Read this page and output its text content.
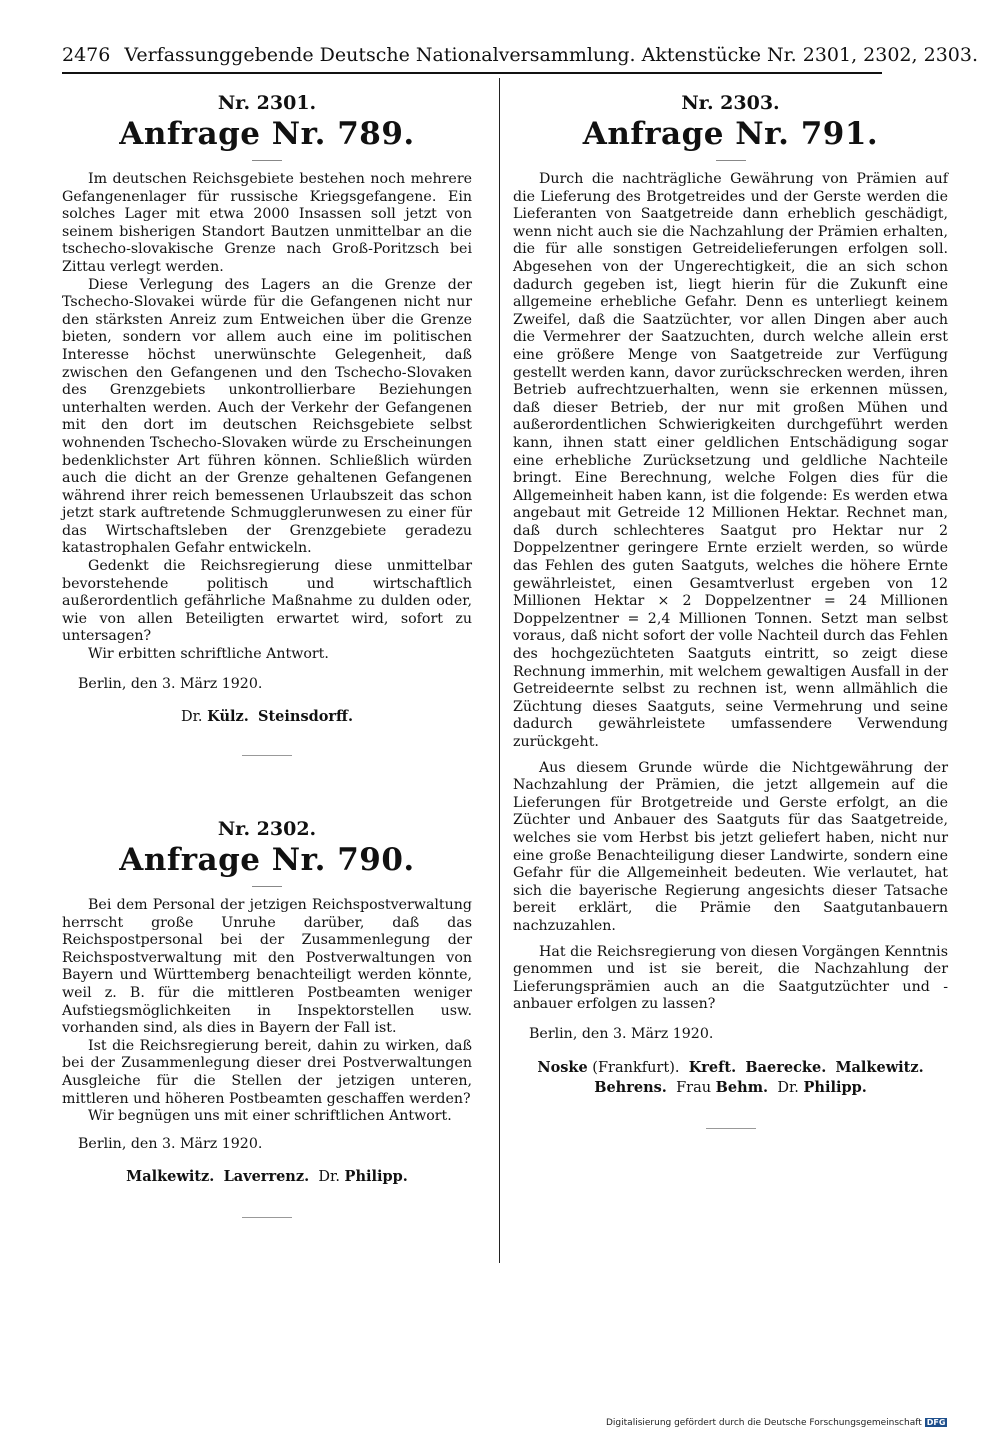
2476 Verfassunggebende Deutsche Nationalversammlung. Aktenstücke Nr. 2301, 2302, 2303.

Nr. 2301.

Anfrage Nr. 789.

Im deutschen Reichsgebiete bestehen noch mehrere Gefangenenlager für russische Kriegsgefangene. Ein solches Lager mit etwa 2000 Insassen soll jetzt von seinem bisherigen Standort Bautzen unmittelbar an die tschecho-slovakische Grenze nach Groß-Poritzsch bei Zittau verlegt werden.

Diese Verlegung des Lagers an die Grenze der Tschecho-Slovakei würde für die Gefangenen nicht nur den stärksten Anreiz zum Entweichen über die Grenze bieten, sondern vor allem auch eine im politischen Interesse höchst unerwünschte Gelegenheit, daß zwischen den Gefangenen und den Tschecho-Slovaken des Grenzgebiets unkontrollierbare Beziehungen unterhalten werden. Auch der Verkehr der Gefangenen mit den dort im deutschen Reichsgebiete selbst wohnenden Tschecho-Slovaken würde zu Erscheinungen bedenklichster Art führen können. Schließlich würden auch die dicht an der Grenze gehaltenen Gefangenen während ihrer reich bemessenen Urlaubszeit das schon jetzt stark auftretende Schmugglerunwesen zu einer für das Wirtschaftsleben der Grenzgebiete geradezu katastrophalen Gefahr entwickeln.

Gedenkt die Reichsregierung diese unmittelbar bevorstehende politisch und wirtschaftlich außerordentlich gefährliche Maßnahme zu dulden oder, wie von allen Beteiligten erwartet wird, sofort zu untersagen?

Wir erbitten schriftliche Antwort.

Berlin, den 3. März 1920.

Dr. Külz. Steinsdorff.

Nr. 2302.

Anfrage Nr. 790.

Bei dem Personal der jetzigen Reichspostverwaltung herrscht große Unruhe darüber, daß das Reichspostpersonal bei der Zusammenlegung der Reichspostverwaltung mit den Postverwaltungen von Bayern und Württemberg benachteiligt werden könnte, weil z. B. für die mittleren Postbeamten weniger Aufstiegsmöglichkeiten in Inspektorstellen usw. vorhanden sind, als dies in Bayern der Fall ist.

Ist die Reichsregierung bereit, dahin zu wirken, daß bei der Zusammenlegung dieser drei Postverwaltungen Ausgleiche für die Stellen der jetzigen unteren, mittleren und höheren Postbeamten geschaffen werden?

Wir begnügen uns mit einer schriftlichen Antwort.

Berlin, den 3. März 1920.

Malkewitz. Laverrenz. Dr. Philipp.

Nr. 2303.

Anfrage Nr. 791.

Durch die nachträgliche Gewährung von Prämien auf die Lieferung des Brotgetreides und der Gerste werden die Lieferanten von Saatgetreide dann erheblich geschädigt, wenn nicht auch sie die Nachzahlung der Prämien erhalten, die für alle sonstigen Getreidelieferungen erfolgen soll. Abgesehen von der Ungerechtigkeit, die an sich schon dadurch gegeben ist, liegt hierin für die Zukunft eine allgemeine erhebliche Gefahr. Denn es unterliegt keinem Zweifel, daß die Saatzüchter, vor allen Dingen aber auch die Vermehrer der Saatzuchten, durch welche allein erst eine größere Menge von Saatgetreide zur Verfügung gestellt werden kann, davor zurückschrecken werden, ihren Betrieb aufrechtzuerhalten, wenn sie erkennen müssen, daß dieser Betrieb, der nur mit großen Mühen und außerordentlichen Schwierigkeiten durchgeführt werden kann, ihnen statt einer geldlichen Entschädigung sogar eine erhebliche Zurücksetzung und geldliche Nachteile bringt. Eine Berechnung, welche Folgen dies für die Allgemeinheit haben kann, ist die folgende: Es werden etwa angebaut mit Getreide 12 Millionen Hektar. Rechnet man, daß durch schlechteres Saatgut pro Hektar nur 2 Doppelzentner geringere Ernte erzielt werden, so würde das Fehlen des guten Saatguts, welches die höhere Ernte gewährleistet, einen Gesamtverlust ergeben von 12 Millionen Hektar × 2 Doppelzentner = 24 Millionen Doppelzentner = 2,4 Millionen Tonnen. Setzt man selbst voraus, daß nicht sofort der volle Nachteil durch das Fehlen des hochgezüchteten Saatguts eintritt, so zeigt diese Rechnung immerhin, mit welchem gewaltigen Ausfall in der Getreideernte selbst zu rechnen ist, wenn allmählich die Züchtung dieses Saatguts, seine Vermehrung und seine dadurch gewährleistete umfassendere Verwendung zurückgeht.

Aus diesem Grunde würde die Nichtgewährung der Nachzahlung der Prämien, die jetzt allgemein auf die Lieferungen für Brotgetreide und Gerste erfolgt, an die Züchter und Anbauer des Saatguts für das Saatgetreide, welches sie vom Herbst bis jetzt geliefert haben, nicht nur eine große Benachteiligung dieser Landwirte, sondern eine Gefahr für die Allgemeinheit bedeuten. Wie verlautet, hat sich die bayerische Regierung angesichts dieser Tatsache bereit erklärt, die Prämie den Saatgutanbauern nachzuzahlen.

Hat die Reichsregierung von diesen Vorgängen Kenntnis genommen und ist sie bereit, die Nachzahlung der Lieferungsprämien auch an die Saatgutzüchter und -anbauer erfolgen zu lassen?

Berlin, den 3. März 1920.

Noske (Frankfurt). Kreft. Baerecke. Malkewitz.

Behrens. Frau Behm. Dr. Philipp.

Digitalisierung gefördert durch die Deutsche Forschungsgemeinschaft DFG
